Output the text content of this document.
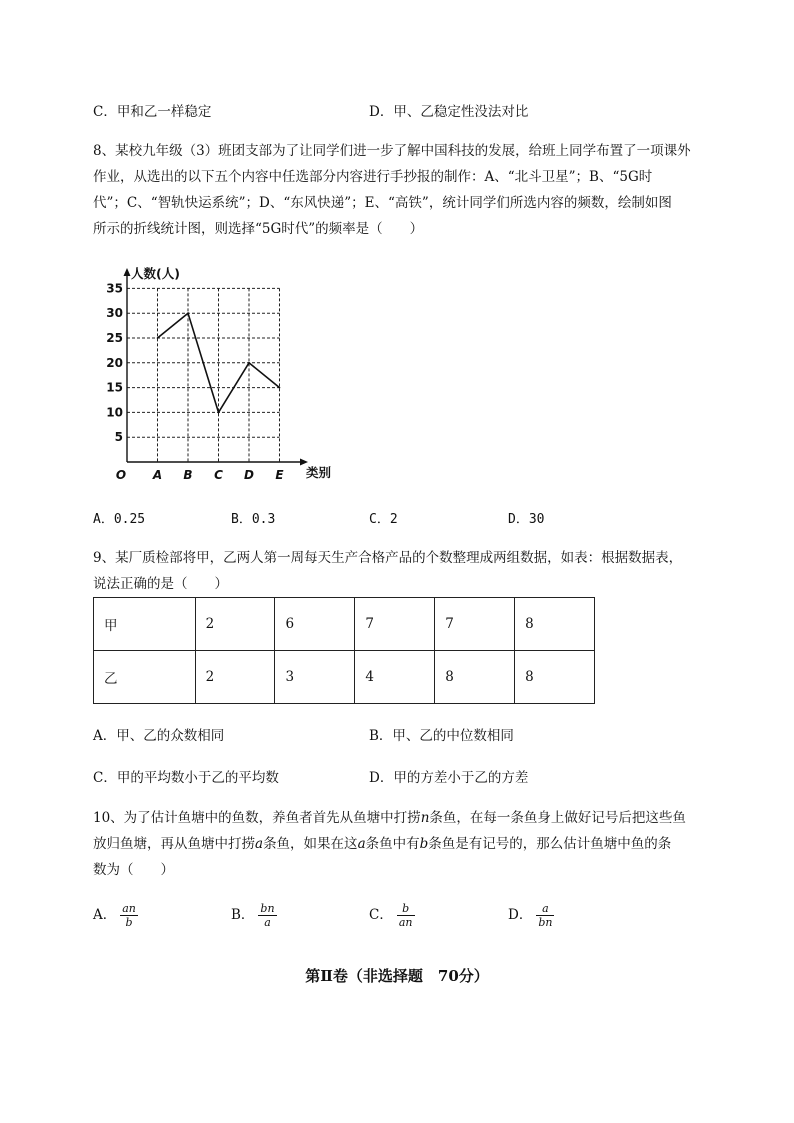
C．甲和乙一样稳定	D．甲、乙稳定性没法对比
8、某校九年级（3）班团支部为了让同学们进一步了解中国科技的发展，给班上同学布置了一项课外
作业，从选出的以下五个内容中任选部分内容进行手抄报的制作：A、“北斗卫星”；B、“5G时
代”；C、“智轨快运系统”；D、“东风快递”；E、“高铁”，统计同学们所选内容的频数，绘制如图
所示的折线统计图，则选择“5G时代”的频率是（　　）
5
10
15
20
25
30
35
A B C D E
O
人数(人)
类别
A．0.25	B．0.3	C．2	D．30
9、某厂质检部将甲，乙两人第一周每天生产合格产品的个数整理成两组数据，如表：根据数据表，
说法正确的是（　　）
甲	2	6	7	7	8
乙	2	3	4	8	8
A．甲、乙的众数相同	B．甲、乙的中位数相同
C．甲的平均数小于乙的平均数	D．甲的方差小于乙的方差
10、为了估计鱼塘中的鱼数，养鱼者首先从鱼塘中打捞n条鱼，在每一条鱼身上做好记号后把这些鱼
放归鱼塘，再从鱼塘中打捞a条鱼，如果在这a条鱼中有b条鱼是有记号的，那么估计鱼塘中鱼的条
数为（　　）
A． $\frac{an}{b}$	B． $\frac{bn}{a}$	C． $\frac{b}{an}$	D． $\frac{a}{bn}$
第Ⅱ卷（非选择题　70分）
